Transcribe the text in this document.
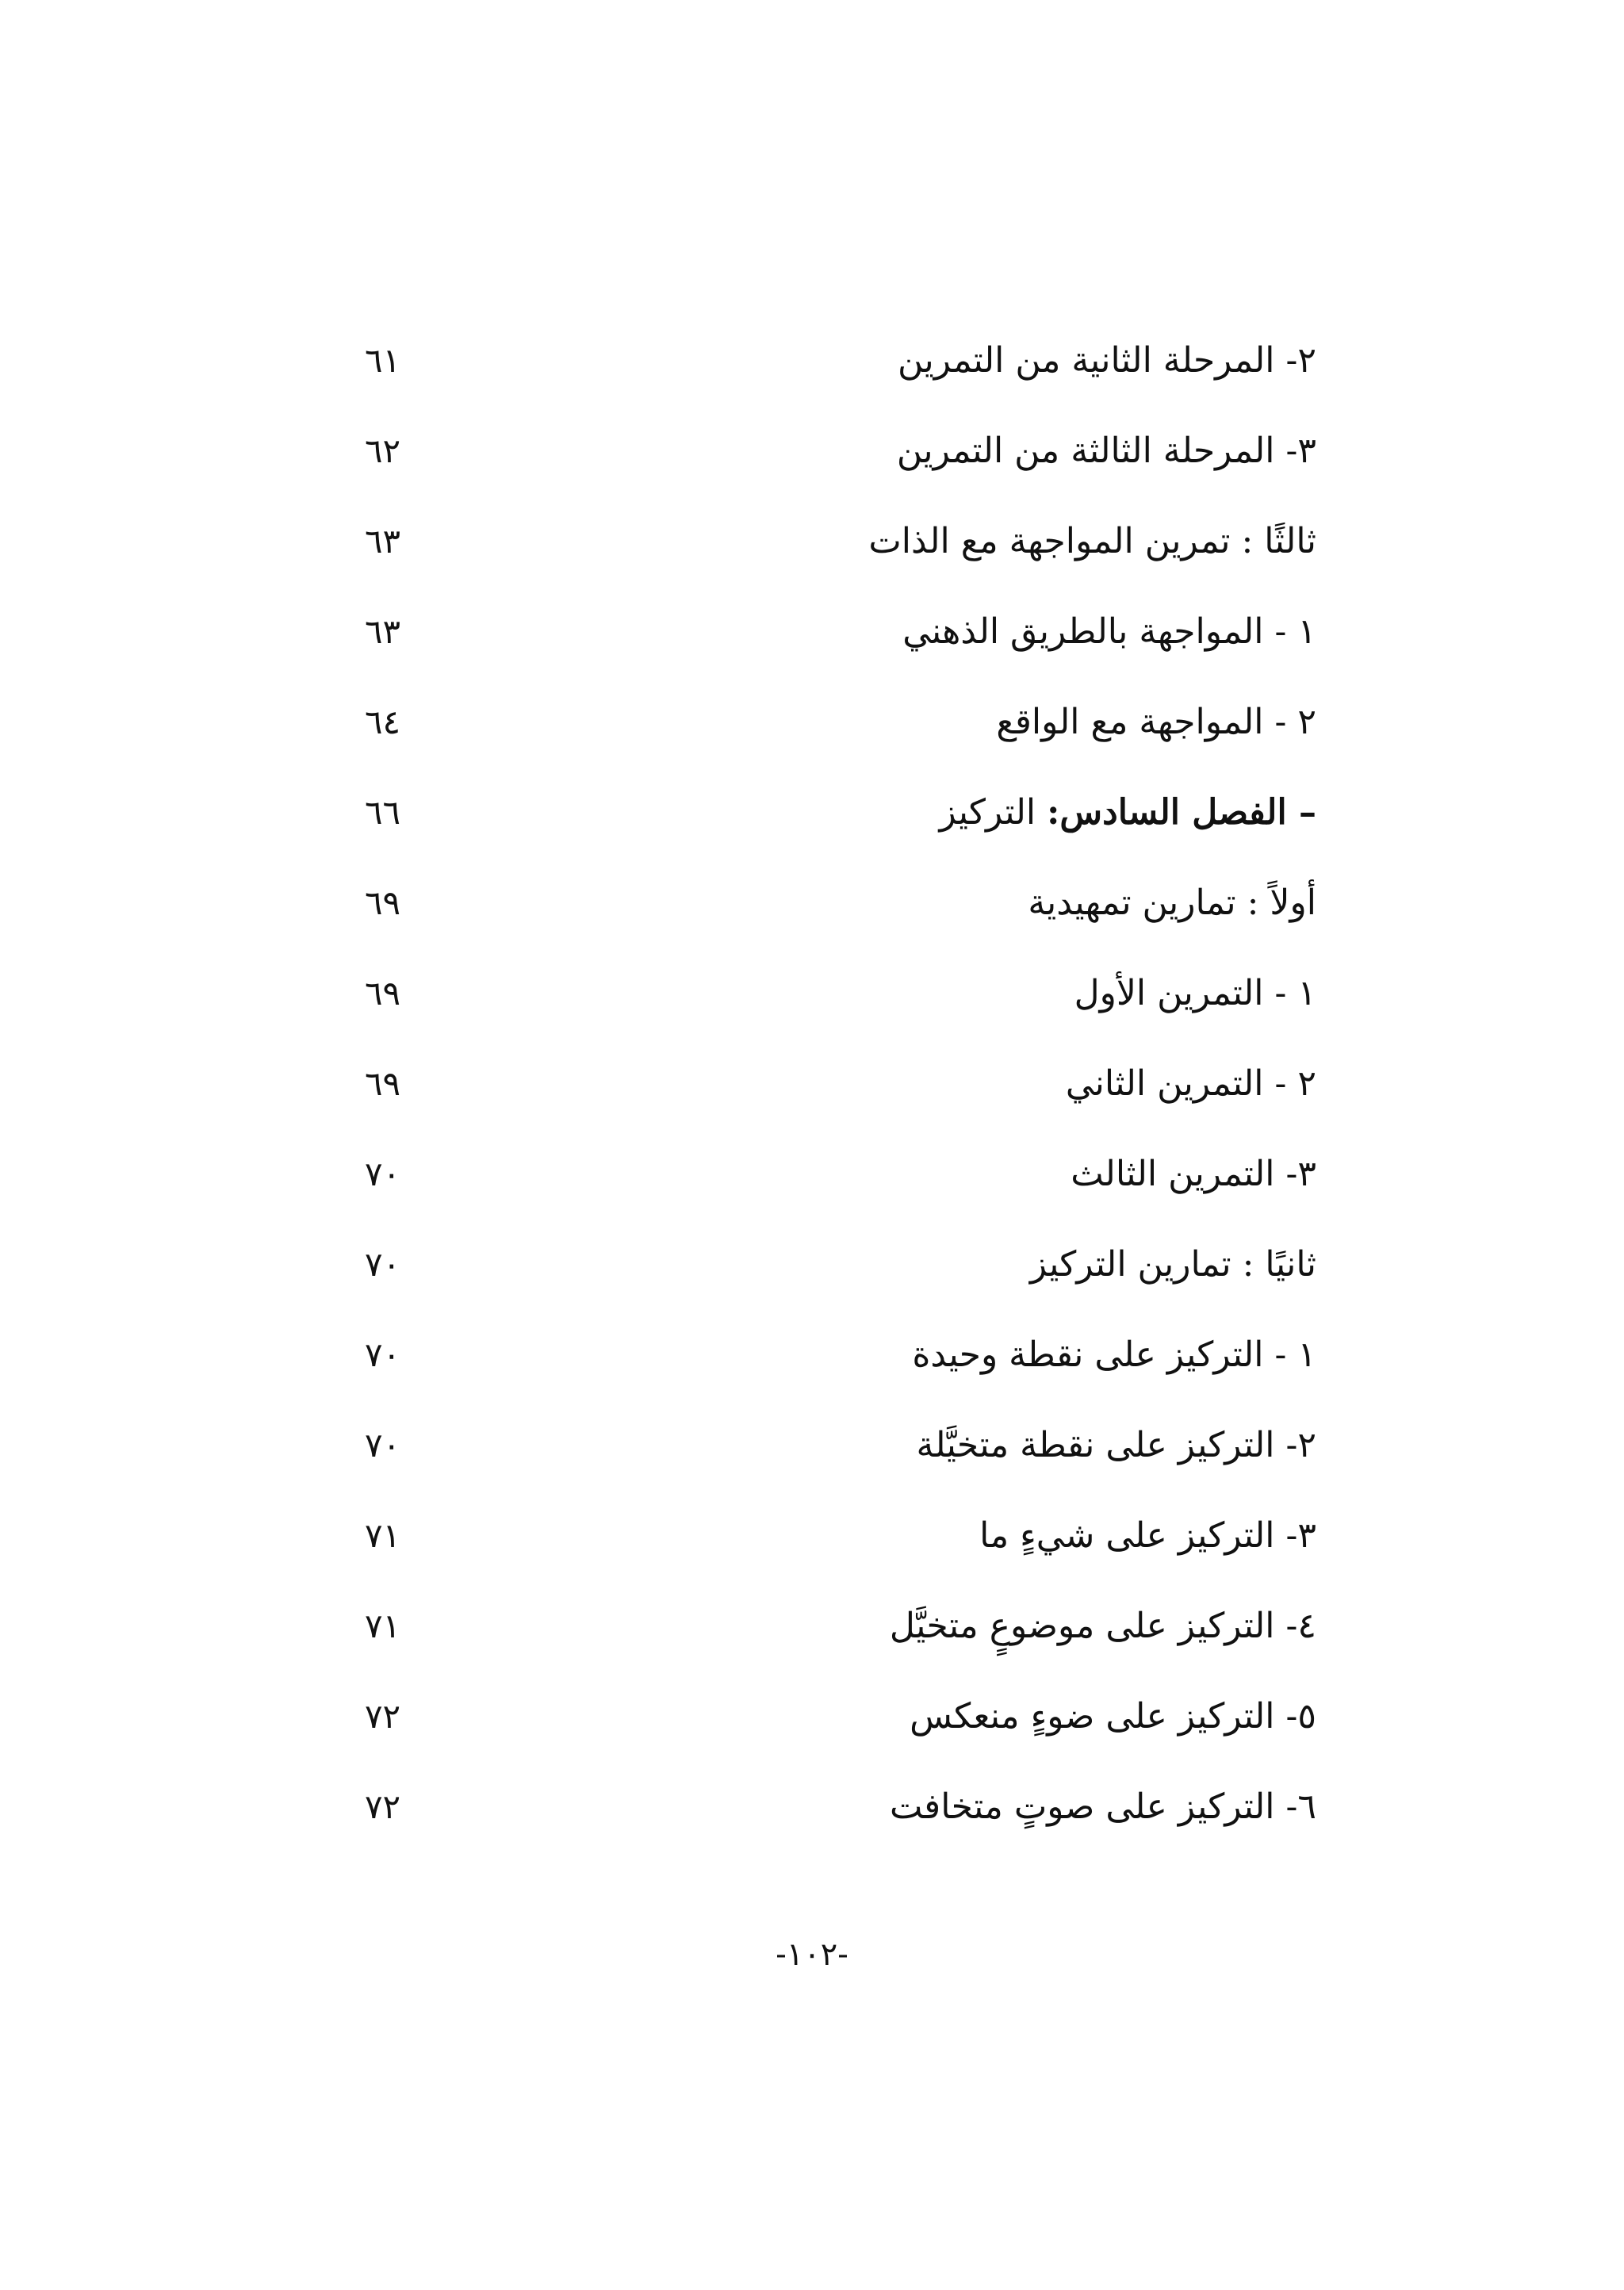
٢- المرحلة الثانية من التمرين
٦١
٣- المرحلة الثالثة من التمرين
٦٢
ثالثًا : تمرين المواجهة مع الذات
٦٣
١ - المواجهة بالطريق الذهني
٦٣
٢ - المواجهة مع الواقع
٦٤
– الفصل السادس: التركيز
٦٦
أولاً : تمارين تمهيدية
٦٩
١ - التمرين الأول
٦٩
٢ - التمرين الثاني
٦٩
٣- التمرين الثالث
٧٠
ثانيًا : تمارين التركيز
٧٠
١ - التركيز على نقطة وحيدة
٧٠
٢- التركيز على نقطة متخيَّلة
٧٠
٣- التركيز على شيءٍ ما
٧١
٤- التركيز على موضوعٍ متخيَّل
٧١
٥- التركيز على ضوءٍ منعكس
٧٢
٦- التركيز على صوتٍ متخافت
٧٢
-١٠٢-
